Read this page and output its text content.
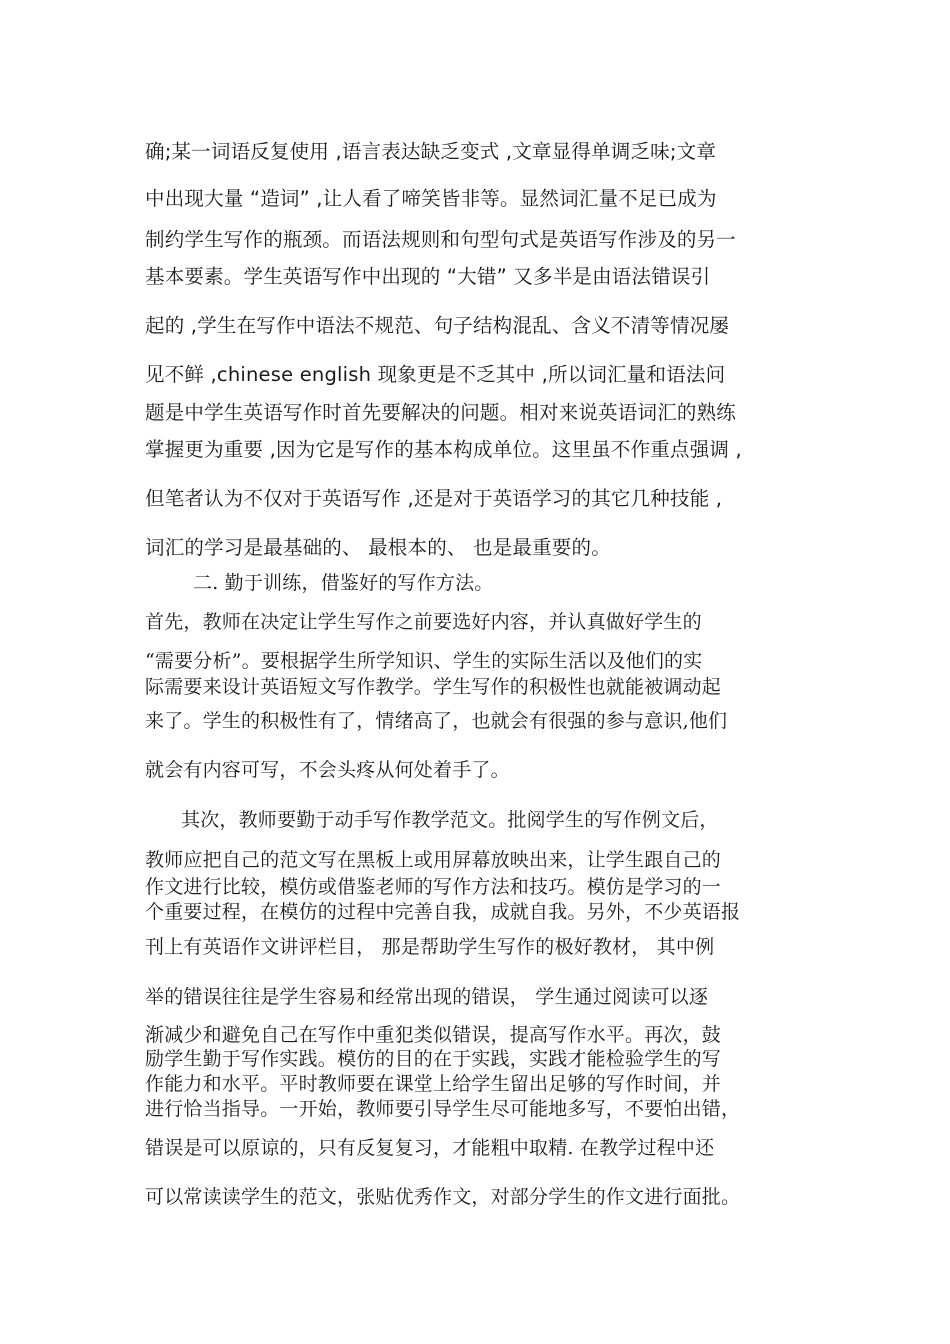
确;某一词语反复使用 ,语言表达缺乏变式 ,文章显得单调乏味;文章
中出现大量 “造词” ,让人看了啼笑皆非等。显然词汇量不足已成为
制约学生写作的瓶颈。而语法规则和句型句式是英语写作涉及的另一
基本要素。学生英语写作中出现的 “大错” 又多半是由语法错误引
起的 ,学生在写作中语法不规范、句子结构混乱、含义不清等情况屡
见不鲜 ,chinese english 现象更是不乏其中 ,所以词汇量和语法问
题是中学生英语写作时首先要解决的问题。相对来说英语词汇的熟练
掌握更为重要 ,因为它是写作的基本构成单位。这里虽不作重点强调 ,
但笔者认为不仅对于英语写作 ,还是对于英语学习的其它几种技能 ,
词汇的学习是最基础的、 最根本的、 也是最重要的。
二. 勤于训练，借鉴好的写作方法。
首先，教师在决定让学生写作之前要选好内容，并认真做好学生的
“需要分析”。要根据学生所学知识、学生的实际生活以及他们的实
际需要来设计英语短文写作教学。学生写作的积极性也就能被调动起
来了。学生的积极性有了，情绪高了，也就会有很强的参与意识,他们
就会有内容可写，不会头疼从何处着手了。
其次，教师要勤于动手写作教学范文。批阅学生的写作例文后，
教师应把自己的范文写在黑板上或用屏幕放映出来，让学生跟自己的
作文进行比较，模仿或借鉴老师的写作方法和技巧。模仿是学习的一
个重要过程，在模仿的过程中完善自我，成就自我。另外，不少英语报
刊上有英语作文讲评栏目， 那是帮助学生写作的极好教材， 其中例
举的错误往往是学生容易和经常出现的错误， 学生通过阅读可以逐
渐减少和避免自己在写作中重犯类似错误，提高写作水平。再次，鼓
励学生勤于写作实践。模仿的目的在于实践，实践才能检验学生的写
作能力和水平。平时教师要在课堂上给学生留出足够的写作时间，并
进行恰当指导。一开始，教师要引导学生尽可能地多写，不要怕出错，
错误是可以原谅的，只有反复复习，才能粗中取精. 在教学过程中还
可以常读读学生的范文，张贴优秀作文，对部分学生的作文进行面批。
